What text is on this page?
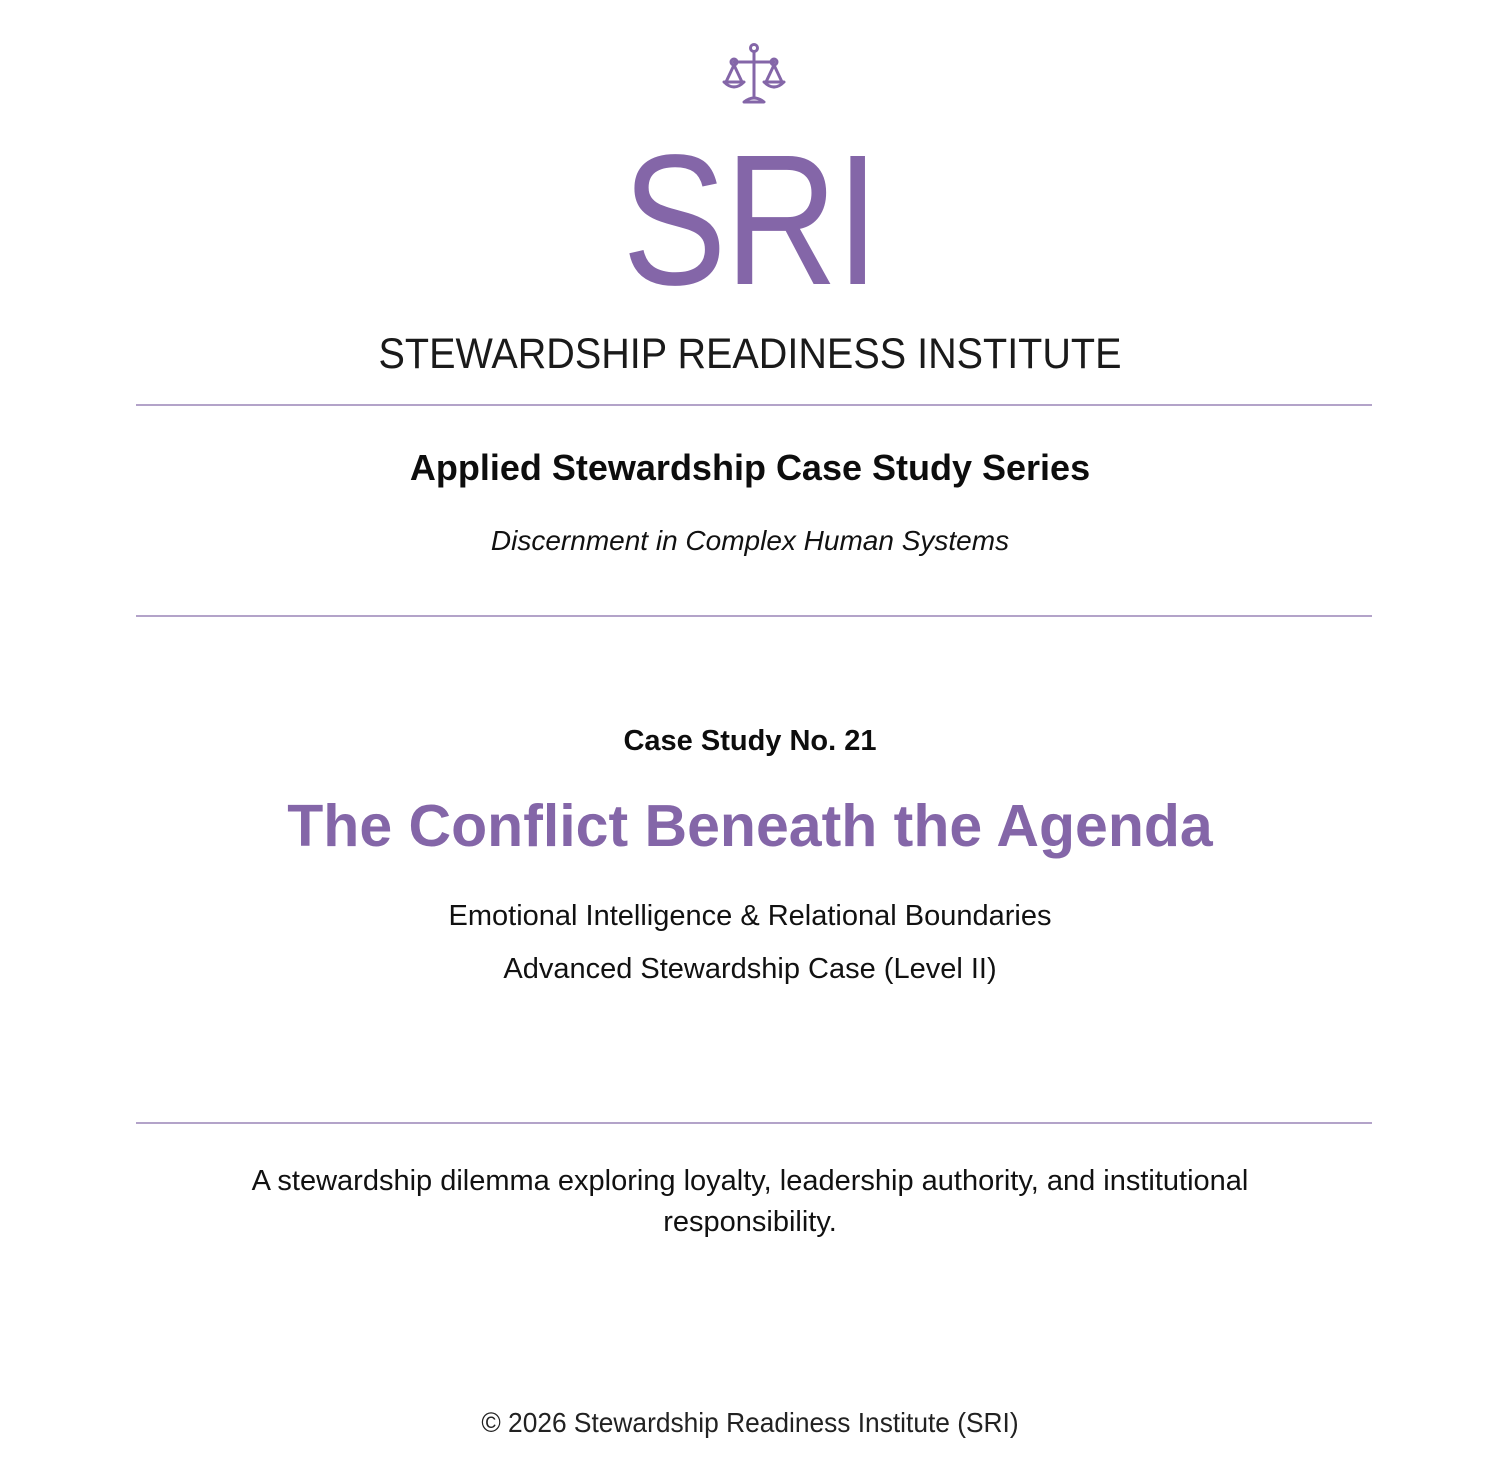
SRI
STEWARDSHIP READINESS INSTITUTE
Applied Stewardship Case Study Series
Discernment in Complex Human Systems
Case Study No. 21
The Conflict Beneath the Agenda
Emotional Intelligence & Relational Boundaries
Advanced Stewardship Case (Level II)
A stewardship dilemma exploring loyalty, leadership authority, and institutional responsibility.
© 2026 Stewardship Readiness Institute (SRI)
